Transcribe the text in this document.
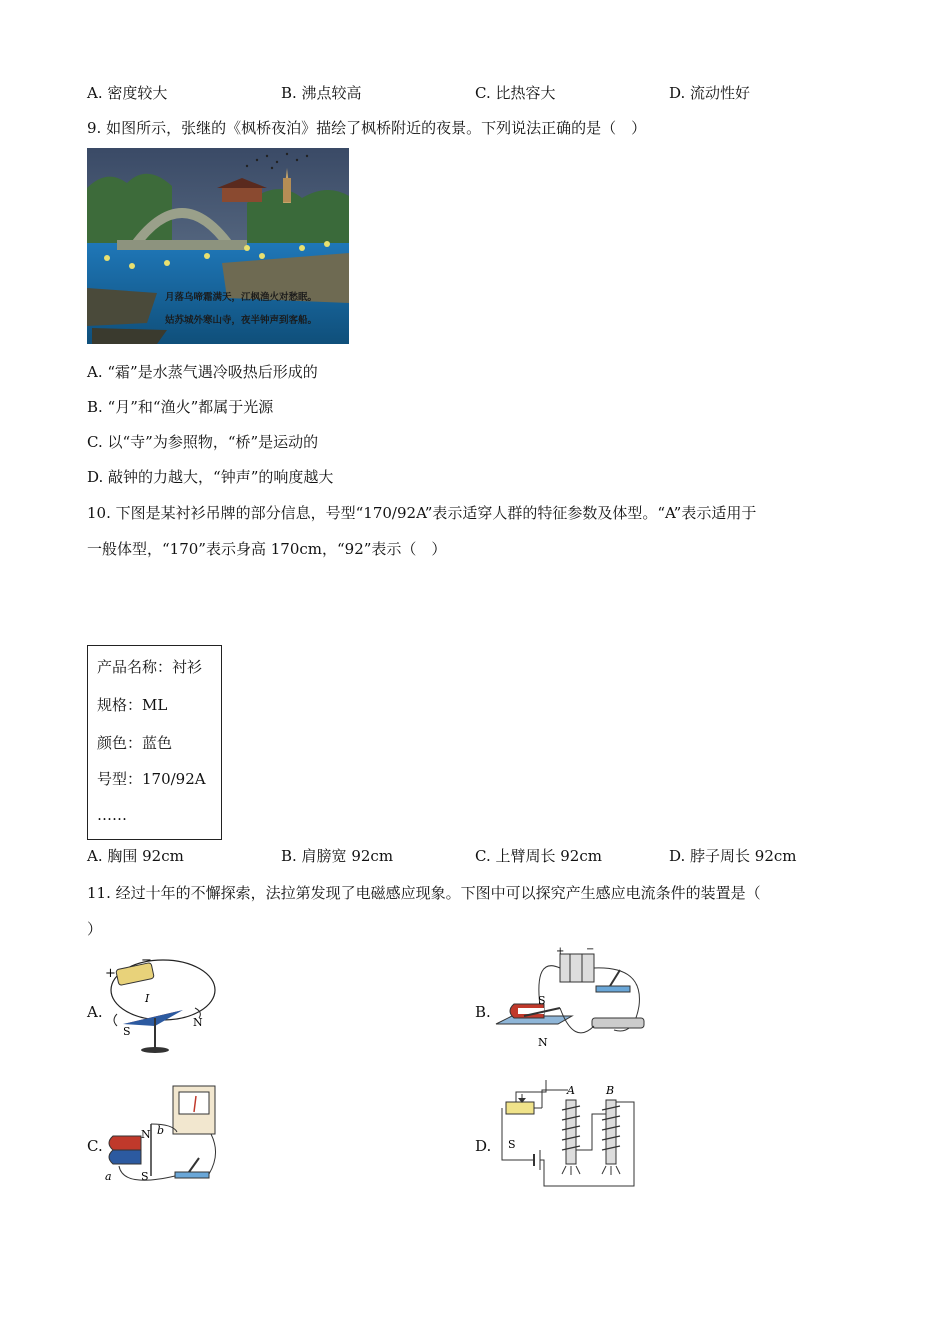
A. 密度较大	B. 沸点较高	C. 比热容大	D. 流动性好
9. 如图所示，张继的《枫桥夜泊》描绘了枫桥附近的夜景。下列说法正确的是（　）
月落乌啼霜满天，江枫渔火对愁眠。
姑苏城外寒山寺，夜半钟声到客船。
A. “霜”是水蒸气遇冷吸热后形成的
B. “月”和“渔火”都属于光源
C. 以“寺”为参照物，“桥”是运动的
D. 敲钟的力越大，“钟声”的响度越大
10. 下图是某衬衫吊牌的部分信息，号型“170/92A”表示适穿人群的特征参数及体型。“A”表示适用于
一般体型，“170”表示身高 170cm，“92”表示（　）
产品名称：衬衫
规格：ML
颜色：蓝色
号型：170/92A
……
A. 胸围 92cm	B. 肩膀宽 92cm	C. 上臂周长 92cm	D. 脖子周长 92cm
11. 经过十年的不懈探索，法拉第发现了电磁感应现象。下图中可以探究产生感应电流条件的装置是（
）
A.
+
−
I
S
N
B.
+ −
S
N
C.
N b
a	S
D. S
A	B
